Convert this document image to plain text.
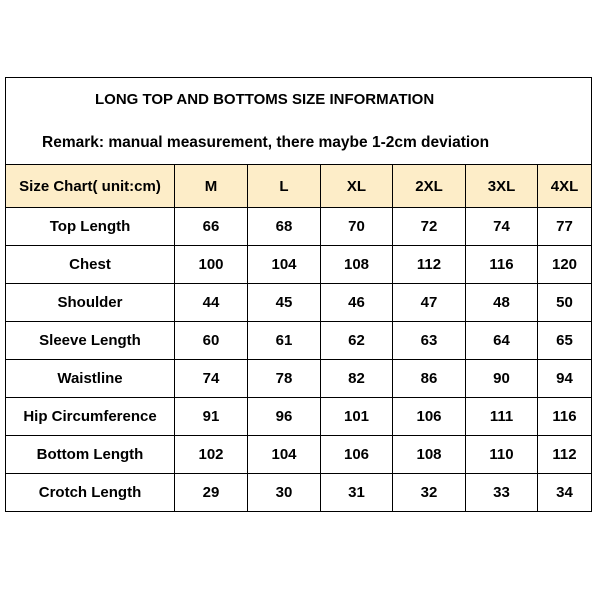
LONG TOP AND BOTTOMS SIZE INFORMATION
Remark: manual measurement, there maybe 1-2cm deviation						

Size Chart( unit:cm)	M	L	XL	2XL	3XL	4XL
Top Length	66	68	70	72	74	77
Chest	100	104	108	112	116	120
Shoulder	44	45	46	47	48	50
Sleeve Length	60	61	62	63	64	65
Waistline	74	78	82	86	90	94
Hip Circumference	91	96	101	106	111	116
Bottom Length	102	104	106	108	110	112
Crotch Length	29	30	31	32	33	34
